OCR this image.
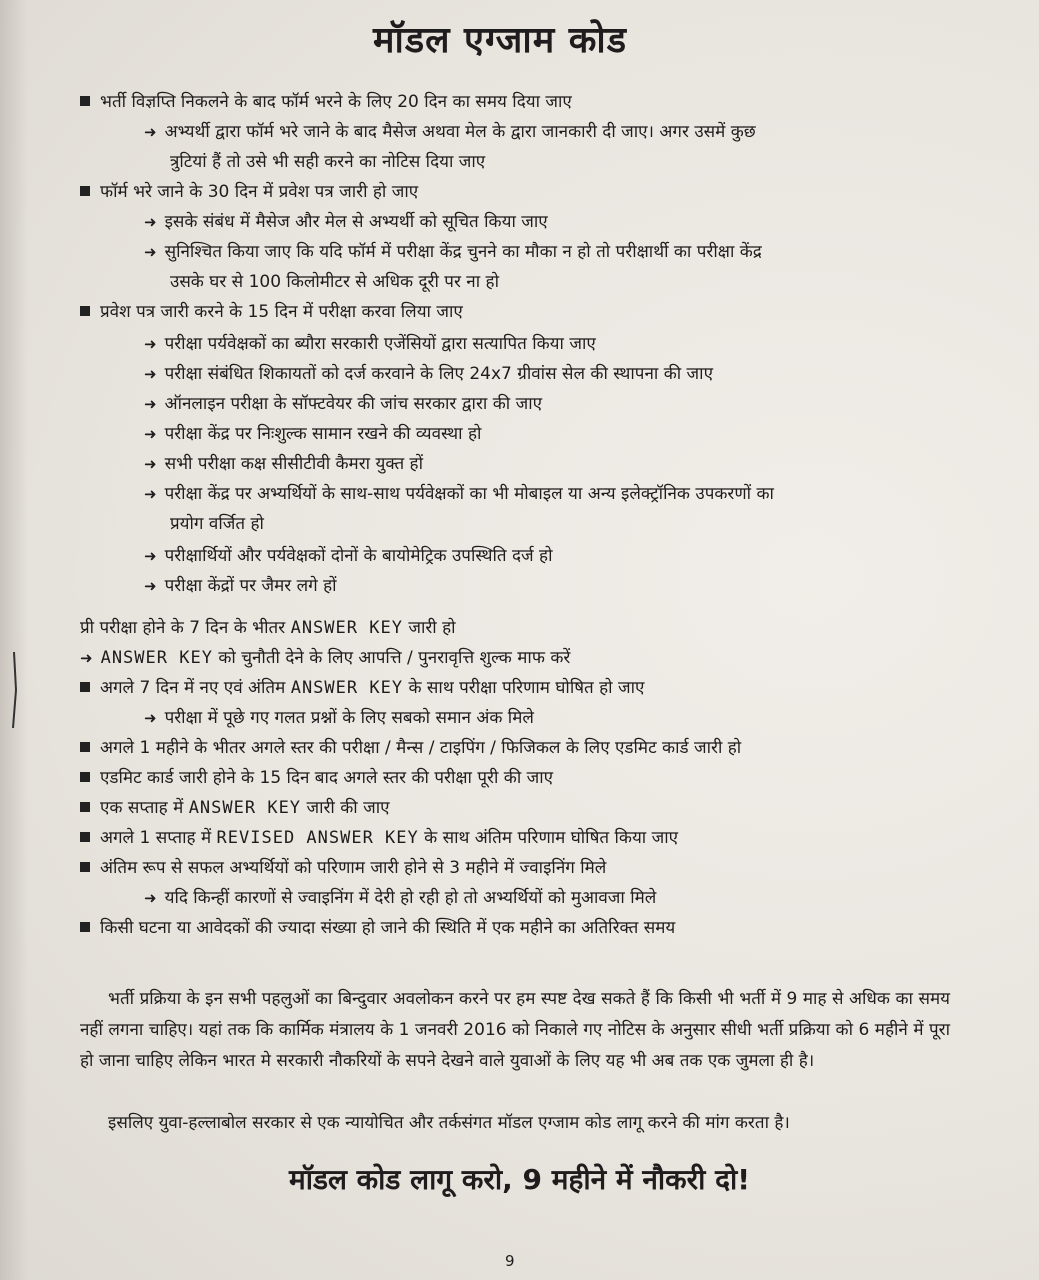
मॉडल एग्जाम कोड
भर्ती विज्ञप्ति निकलने के बाद फॉर्म भरने के लिए 20 दिन का समय दिया जाए
➜ अभ्यर्थी द्वारा फॉर्म भरे जाने के बाद मैसेज अथवा मेल के द्वारा जानकारी दी जाए। अगर उसमें कुछ
त्रुटियां हैं तो उसे भी सही करने का नोटिस दिया जाए
फॉर्म भरे जाने के 30 दिन में प्रवेश पत्र जारी हो जाए
➜ इसके संबंध में मैसेज और मेल से अभ्यर्थी को सूचित किया जाए
➜ सुनिश्चित किया जाए कि यदि फॉर्म में परीक्षा केंद्र चुनने का मौका न हो तो परीक्षार्थी का परीक्षा केंद्र
उसके घर से 100 किलोमीटर से अधिक दूरी पर ना हो
प्रवेश पत्र जारी करने के 15 दिन में परीक्षा करवा लिया जाए
➜ परीक्षा पर्यवेक्षकों का ब्यौरा सरकारी एजेंसियों द्वारा सत्यापित किया जाए
➜ परीक्षा संबंधित शिकायतों को दर्ज करवाने के लिए 24x7 ग्रीवांस सेल की स्थापना की जाए
➜ ऑनलाइन परीक्षा के सॉफ्टवेयर की जांच सरकार द्वारा की जाए
➜ परीक्षा केंद्र पर निःशुल्क सामान रखने की व्यवस्था हो
➜ सभी परीक्षा कक्ष सीसीटीवी कैमरा युक्त हों
➜ परीक्षा केंद्र पर अभ्यर्थियों के साथ-साथ पर्यवेक्षकों का भी मोबाइल या अन्य इलेक्ट्रॉनिक उपकरणों का
प्रयोग वर्जित हो
➜ परीक्षार्थियों और पर्यवेक्षकों दोनों के बायोमेट्रिक उपस्थिति दर्ज हो
➜ परीक्षा केंद्रों पर जैमर लगे हों
प्री परीक्षा होने के 7 दिन के भीतर ANSWER KEY जारी हो
➜ ANSWER KEY को चुनौती देने के लिए आपत्ति / पुनरावृत्ति शुल्क माफ करें
अगले 7 दिन में नए एवं अंतिम ANSWER KEY के साथ परीक्षा परिणाम घोषित हो जाए
➜ परीक्षा में पूछे गए गलत प्रश्नों के लिए सबको समान अंक मिले
अगले 1 महीने के भीतर अगले स्तर की परीक्षा / मैन्स / टाइपिंग / फिजिकल के लिए एडमिट कार्ड जारी हो
एडमिट कार्ड जारी होने के 15 दिन बाद अगले स्तर की परीक्षा पूरी की जाए
एक सप्ताह में ANSWER KEY जारी की जाए
अगले 1 सप्ताह में REVISED ANSWER KEY के साथ अंतिम परिणाम घोषित किया जाए
अंतिम रूप से सफल अभ्यर्थियों को परिणाम जारी होने से 3 महीने में ज्वाइनिंग मिले
➜ यदि किन्हीं कारणों से ज्वाइनिंग में देरी हो रही हो तो अभ्यर्थियों को मुआवजा मिले
किसी घटना या आवेदकों की ज्यादा संख्या हो जाने की स्थिति में एक महीने का अतिरिक्त समय
भर्ती प्रक्रिया के इन सभी पहलुओं का बिन्दुवार अवलोकन करने पर हम स्पष्ट देख सकते हैं कि किसी भी भर्ती में 9 माह से अधिक का समय नहीं लगना चाहिए। यहां तक कि कार्मिक मंत्रालय के 1 जनवरी 2016 को निकाले गए नोटिस के अनुसार सीधी भर्ती प्रक्रिया को 6 महीने में पूरा हो जाना चाहिए लेकिन भारत मे सरकारी नौकरियों के सपने देखने वाले युवाओं के लिए यह भी अब तक एक जुमला ही है।
इसलिए युवा-हल्लाबोल सरकार से एक न्यायोचित और तर्कसंगत मॉडल एग्जाम कोड लागू करने की मांग करता है।
मॉडल कोड लागू करो, 9 महीने में नौकरी दो!
9
